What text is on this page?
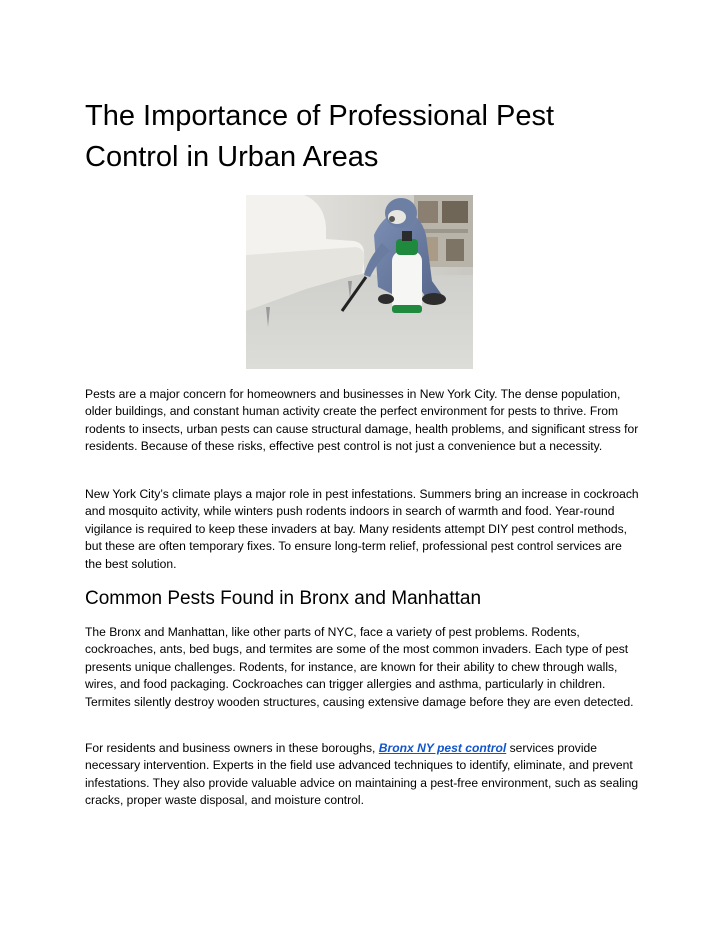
The Importance of Professional Pest Control in Urban Areas

Pests are a major concern for homeowners and businesses in New York City. The dense population, older buildings, and constant human activity create the perfect environment for pests to thrive. From rodents to insects, urban pests can cause structural damage, health problems, and significant stress for residents. Because of these risks, effective pest control is not just a convenience but a necessity.

New York City’s climate plays a major role in pest infestations. Summers bring an increase in cockroach and mosquito activity, while winters push rodents indoors in search of warmth and food. Year-round vigilance is required to keep these invaders at bay. Many residents attempt DIY pest control methods, but these are often temporary fixes. To ensure long-term relief, professional pest control services are the best solution.

Common Pests Found in Bronx and Manhattan

The Bronx and Manhattan, like other parts of NYC, face a variety of pest problems. Rodents, cockroaches, ants, bed bugs, and termites are some of the most common invaders. Each type of pest presents unique challenges. Rodents, for instance, are known for their ability to chew through walls, wires, and food packaging. Cockroaches can trigger allergies and asthma, particularly in children. Termites silently destroy wooden structures, causing extensive damage before they are even detected.

For residents and business owners in these boroughs, Bronx NY pest control services provide necessary intervention. Experts in the field use advanced techniques to identify, eliminate, and prevent infestations. They also provide valuable advice on maintaining a pest-free environment, such as sealing cracks, proper waste disposal, and moisture control.
